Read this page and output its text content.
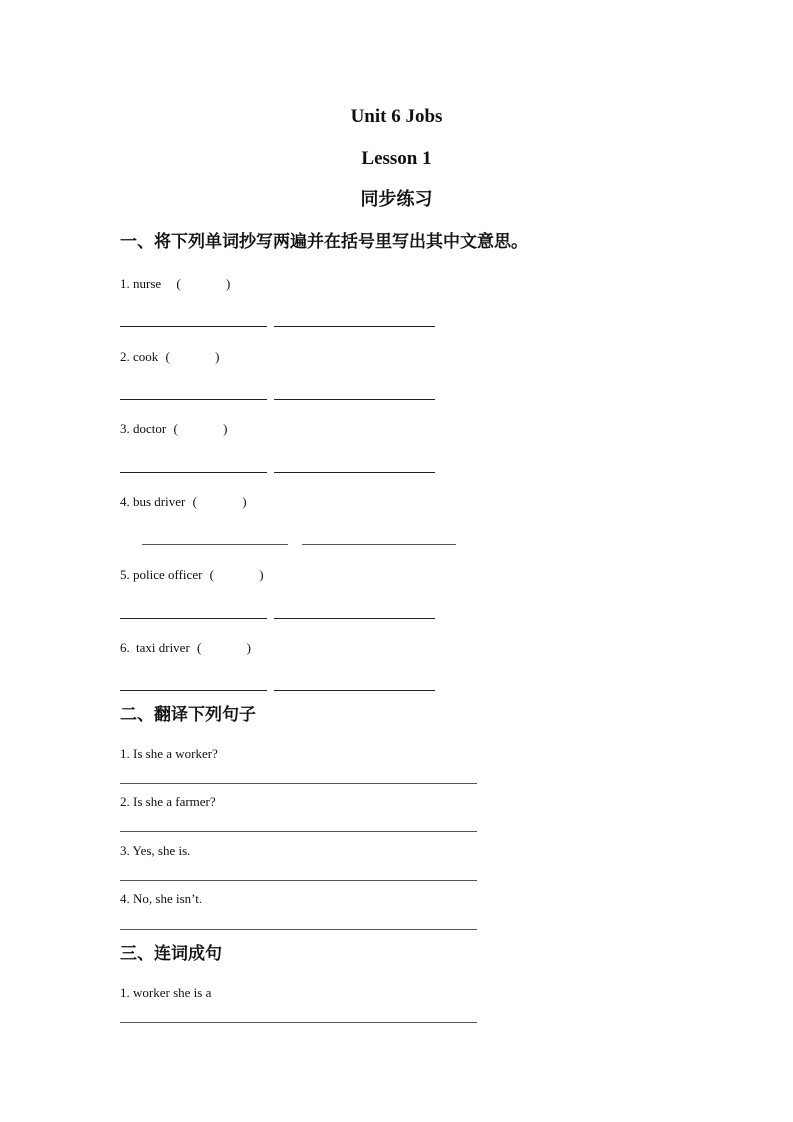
Unit 6 Jobs
Lesson 1
同步练习
一、将下列单词抄写两遍并在括号里写出其中文意思。
1. nurse (	)
2. cook (	)
3. doctor (	)
4. bus driver (	)
5. police officer (	)
6. taxi driver (	)
二、翻译下列句子
1. Is she a worker?
2. Is she a farmer?
3. Yes, she is.
4. No, she isn’t.
三、连词成句
1. worker she is a
